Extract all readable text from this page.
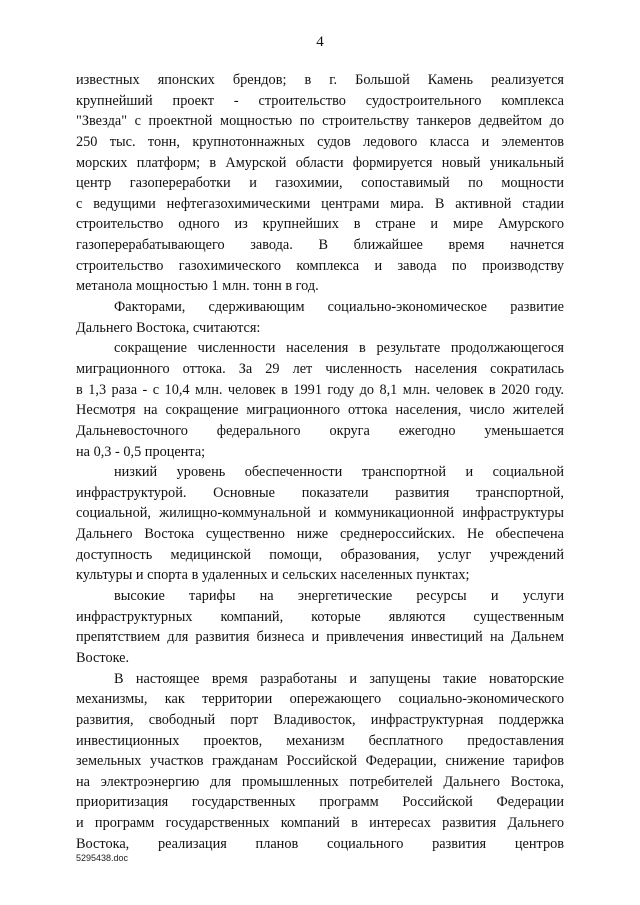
4
известных японских брендов; в г. Большой Камень реализуется
крупнейший проект - строительство судостроительного комплекса
"Звезда" с проектной мощностью по строительству танкеров дедвейтом до
250 тыс. тонн, крупнотоннажных судов ледового класса и элементов
морских платформ; в Амурской области формируется новый уникальный
центр газопереработки и газохимии, сопоставимый по мощности
с ведущими нефтегазохимическими центрами мира. В активной стадии
строительство одного из крупнейших в стране и мире Амурского
газоперерабатывающего завода. В ближайшее время начнется
строительство газохимического комплекса и завода по производству
метанола мощностью 1 млн. тонн в год.
Факторами, сдерживающим социально-экономическое развитие
Дальнего Востока, считаются:
сокращение численности населения в результате продолжающегося
миграционного оттока. За 29 лет численность населения сократилась
в 1,3 раза - с 10,4 млн. человек в 1991 году до 8,1 млн. человек в 2020 году.
Несмотря на сокращение миграционного оттока населения, число жителей
Дальневосточного федерального округа ежегодно уменьшается
на 0,3 - 0,5 процента;
низкий уровень обеспеченности транспортной и социальной
инфраструктурой. Основные показатели развития транспортной,
социальной, жилищно-коммунальной и коммуникационной инфраструктуры
Дальнего Востока существенно ниже среднероссийских. Не обеспечена
доступность медицинской помощи, образования, услуг учреждений
культуры и спорта в удаленных и сельских населенных пунктах;
высокие тарифы на энергетические ресурсы и услуги
инфраструктурных компаний, которые являются существенным
препятствием для развития бизнеса и привлечения инвестиций на Дальнем
Востоке.
В настоящее время разработаны и запущены такие новаторские
механизмы, как территории опережающего социально-экономического
развития, свободный порт Владивосток, инфраструктурная поддержка
инвестиционных проектов, механизм бесплатного предоставления
земельных участков гражданам Российской Федерации, снижение тарифов
на электроэнергию для промышленных потребителей Дальнего Востока,
приоритизация государственных программ Российской Федерации
и программ государственных компаний в интересах развития Дальнего
Востока, реализация планов социального развития центров
5295438.doc
